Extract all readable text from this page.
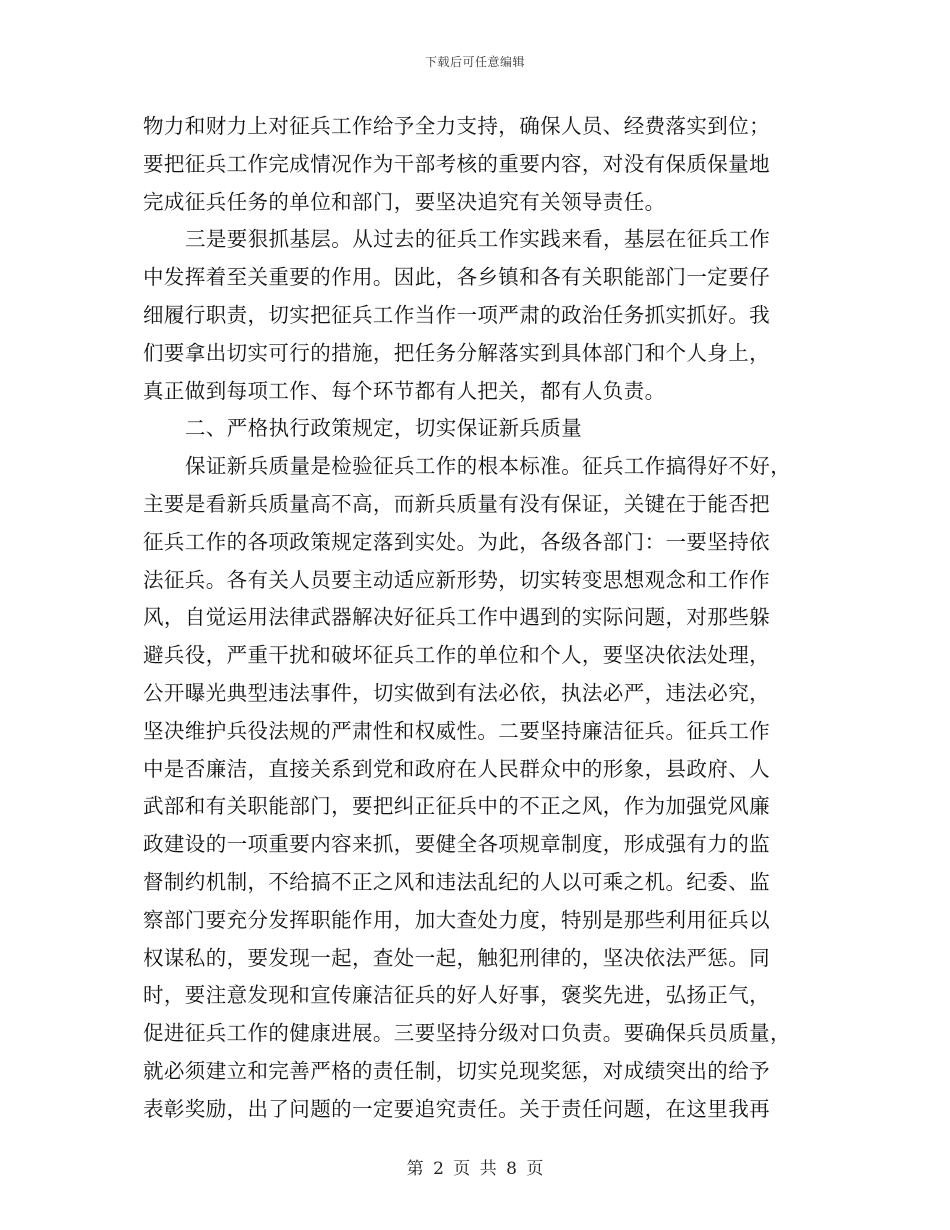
下载后可任意编辑
物力和财力上对征兵工作给予全力支持，确保人员、经费落实到位；
要把征兵工作完成情况作为干部考核的重要内容，对没有保质保量地
完成征兵任务的单位和部门，要坚决追究有关领导责任。
三是要狠抓基层。从过去的征兵工作实践来看，基层在征兵工作
中发挥着至关重要的作用。因此，各乡镇和各有关职能部门一定要仔
细履行职责，切实把征兵工作当作一项严肃的政治任务抓实抓好。我
们要拿出切实可行的措施，把任务分解落实到具体部门和个人身上，
真正做到每项工作、每个环节都有人把关，都有人负责。
二、严格执行政策规定，切实保证新兵质量
保证新兵质量是检验征兵工作的根本标准。征兵工作搞得好不好，
主要是看新兵质量高不高，而新兵质量有没有保证，关键在于能否把
征兵工作的各项政策规定落到实处。为此，各级各部门：一要坚持依
法征兵。各有关人员要主动适应新形势，切实转变思想观念和工作作
风，自觉运用法律武器解决好征兵工作中遇到的实际问题，对那些躲
避兵役，严重干扰和破坏征兵工作的单位和个人，要坚决依法处理，
公开曝光典型违法事件，切实做到有法必依，执法必严，违法必究，
坚决维护兵役法规的严肃性和权威性。二要坚持廉洁征兵。征兵工作
中是否廉洁，直接关系到党和政府在人民群众中的形象，县政府、人
武部和有关职能部门，要把纠正征兵中的不正之风，作为加强党风廉
政建设的一项重要内容来抓，要健全各项规章制度，形成强有力的监
督制约机制，不给搞不正之风和违法乱纪的人以可乘之机。纪委、监
察部门要充分发挥职能作用，加大查处力度，特别是那些利用征兵以
权谋私的，要发现一起，查处一起，触犯刑律的，坚决依法严惩。同
时，要注意发现和宣传廉洁征兵的好人好事，褒奖先进，弘扬正气，
促进征兵工作的健康进展。三要坚持分级对口负责。要确保兵员质量，
就必须建立和完善严格的责任制，切实兑现奖惩，对成绩突出的给予
表彰奖励，出了问题的一定要追究责任。关于责任问题，在这里我再
第 2 页 共 8 页
